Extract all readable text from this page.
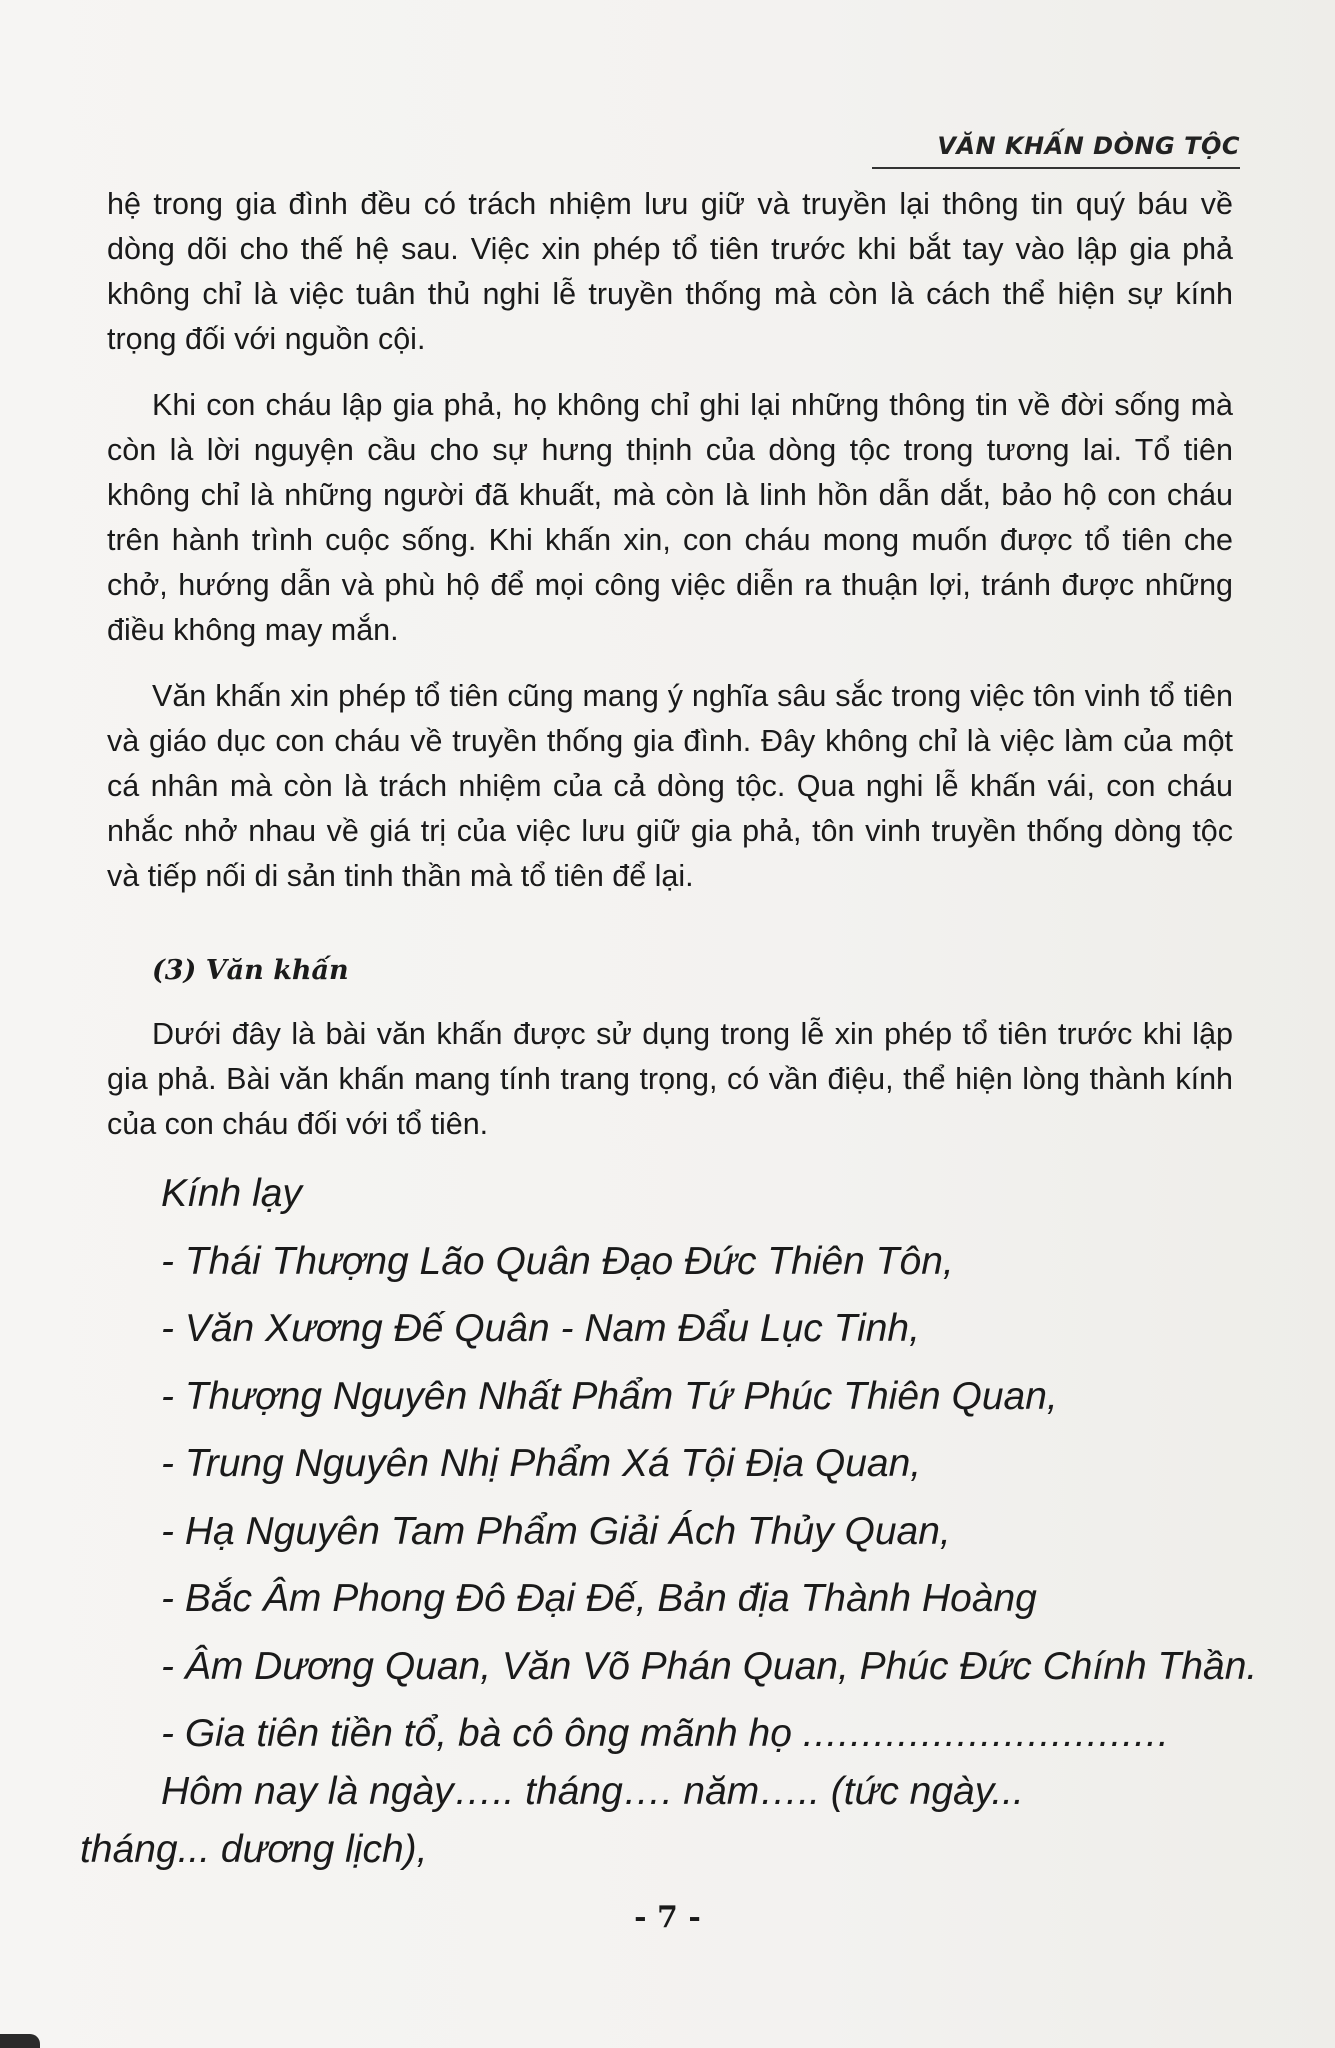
VĂN KHẤN DÒNG TỘC

hệ trong gia đình đều có trách nhiệm lưu giữ và truyền lại thông tin quý báu về dòng dõi cho thế hệ sau. Việc xin phép tổ tiên trước khi bắt tay vào lập gia phả không chỉ là việc tuân thủ nghi lễ truyền thống mà còn là cách thể hiện sự kính trọng đối với nguồn cội.

Khi con cháu lập gia phả, họ không chỉ ghi lại những thông tin về đời sống mà còn là lời nguyện cầu cho sự hưng thịnh của dòng tộc trong tương lai. Tổ tiên không chỉ là những người đã khuất, mà còn là linh hồn dẫn dắt, bảo hộ con cháu trên hành trình cuộc sống. Khi khấn xin, con cháu mong muốn được tổ tiên che chở, hướng dẫn và phù hộ để mọi công việc diễn ra thuận lợi, tránh được những điều không may mắn.

Văn khấn xin phép tổ tiên cũng mang ý nghĩa sâu sắc trong việc tôn vinh tổ tiên và giáo dục con cháu về truyền thống gia đình. Đây không chỉ là việc làm của một cá nhân mà còn là trách nhiệm của cả dòng tộc. Qua nghi lễ khấn vái, con cháu nhắc nhở nhau về giá trị của việc lưu giữ gia phả, tôn vinh truyền thống dòng tộc và tiếp nối di sản tinh thần mà tổ tiên để lại.

(3) Văn khấn

Dưới đây là bài văn khấn được sử dụng trong lễ xin phép tổ tiên trước khi lập gia phả. Bài văn khấn mang tính trang trọng, có vần điệu, thể hiện lòng thành kính của con cháu đối với tổ tiên.

Kính lạy
- Thái Thượng Lão Quân Đạo Đức Thiên Tôn,
- Văn Xương Đế Quân - Nam Đẩu Lục Tinh,
- Thượng Nguyên Nhất Phẩm Tứ Phúc Thiên Quan,
- Trung Nguyên Nhị Phẩm Xá Tội Địa Quan,
- Hạ Nguyên Tam Phẩm Giải Ách Thủy Quan,
- Bắc Âm Phong Đô Đại Đế, Bản địa Thành Hoàng
- Âm Dương Quan, Văn Võ Phán Quan, Phúc Đức Chính Thần.
- Gia tiên tiền tổ, bà cô ông mãnh họ ...............................
Hôm nay là ngày….. tháng…. năm….. (tức ngày...
tháng... dương lịch),
- 7 -
